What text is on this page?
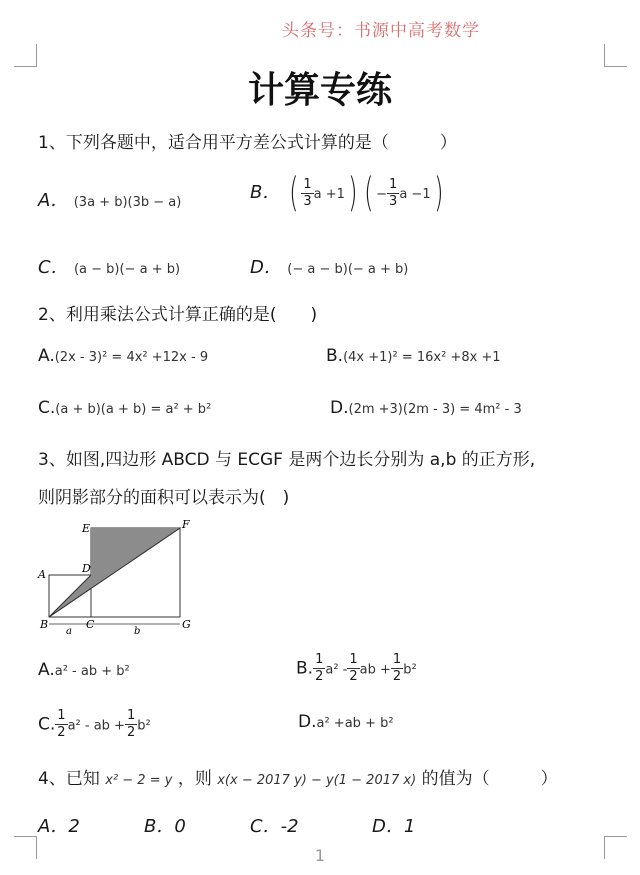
头条号：书源中高考数学
计算专练
1、下列各题中，适合用平方差公式计算的是（　　　）
A． (3a + b)(3b − a)	B． ( $\frac{1}{3}$ a +1) ( − $\frac{1}{3}$ a −1)
C． (a − b)(− a + b)	D． (− a − b)(− a + b)
2、利用乘法公式计算正确的是(　　)
A.(2x - 3)² = 4x² +12x - 9	B.(4x +1)² = 16x² +8x +1
C.(a + b)(a + b) = a² + b²	D.(2m +3)(2m - 3) = 4m² - 3
3、如图,四边形 ABCD 与 ECGF 是两个边长分别为 a,b 的正方形,
则阴影部分的面积可以表示为(　)
A
B	C
D
E	F
G
a	b
A.a² - ab + b²	B. $\frac{1}{2} a^2 - \frac{1}{2}$ ab + $\frac{1}{2} b^2$
C. $\frac{1}{2} a^2$ - ab + $\frac{1}{2} b^2$	D.a² +ab + b²
4、已知 x² − 2 = y ，则 x(x − 2017 y) − y(1 − 2017 x) 的值为（　　　）
A．2	B．0	C．-2	D．1
1
